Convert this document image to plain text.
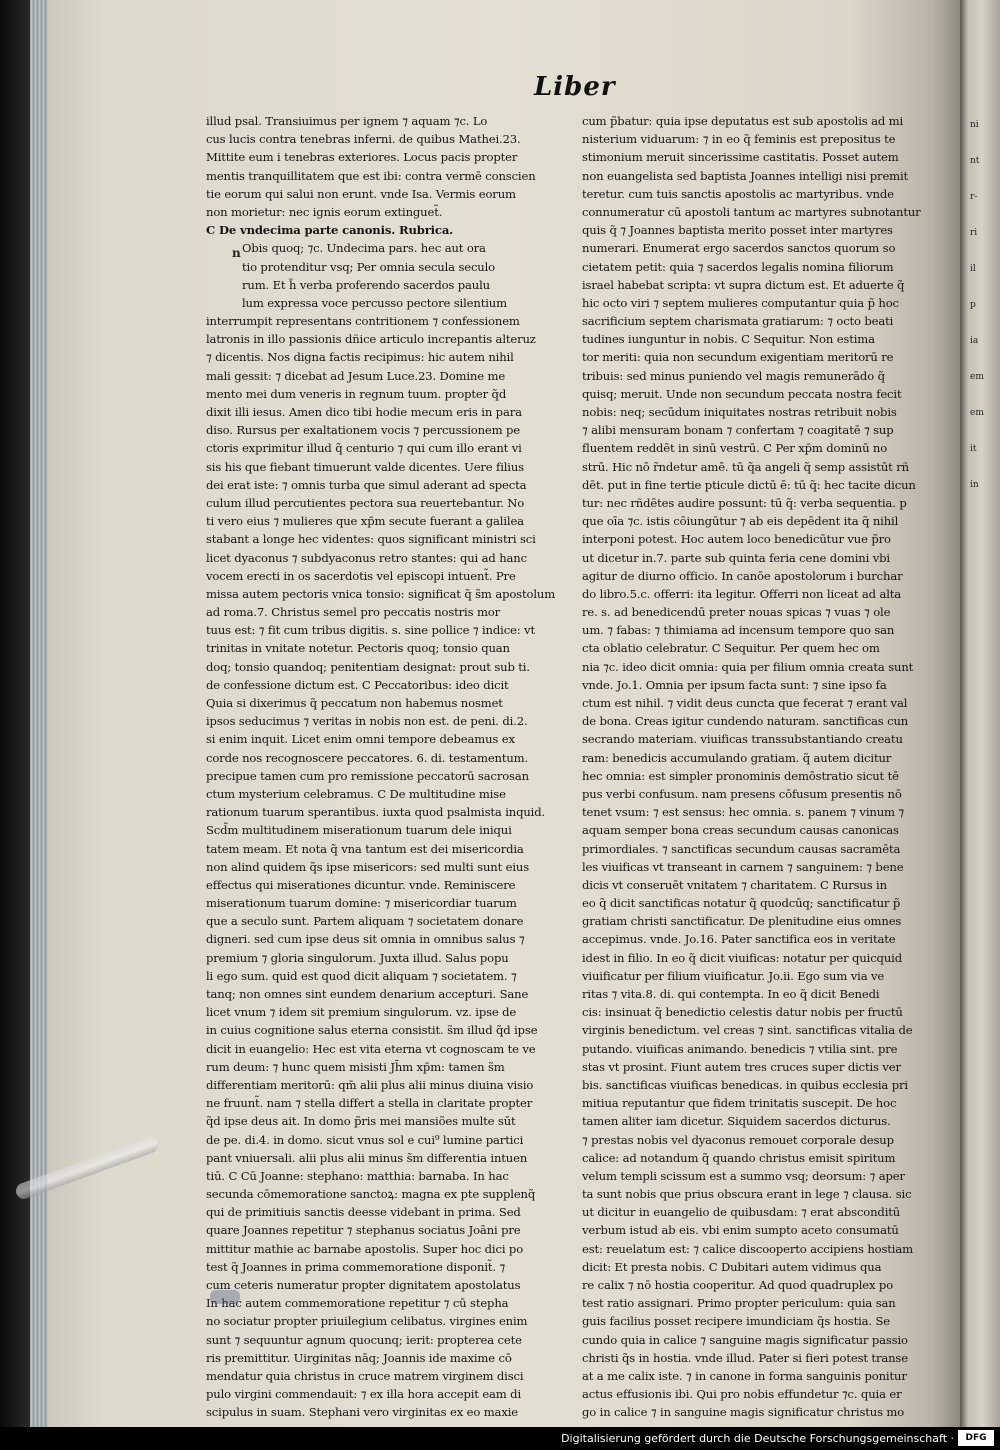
ni
nt
r-
ri
il
p
ia
em
em
it
in
Liber
n
illud psal. Transiuimus per ignem ⁊ aquam ⁊c. Lo
cus lucis contra tenebras inferni. de quibus Mathei.23.
Mittite eum i tenebras exteriores. Locus pacis propter
mentis tranquillitatem que est ibi: contra vermē conscien
tie eorum qui salui non erunt. vnde Isa. Vermis eorum
non morietur: nec ignis eorum extinguet̃.
C De vndecima parte canonis. Rubrica.
Obis quoq; ⁊c. Undecima pars. hec aut ora
tio protenditur vsq; Per omnia secula seculo
rum. Et h̃ verba proferendo sacerdos paulu
lum expressa voce percusso pectore silentium
interrumpit representans contritionem ⁊ confessionem
latronis in illo passionis dñice articulo increpantis alteruz
⁊ dicentis. Nos digna factis recipimus: hic autem nihil
mali gessit: ⁊ dicebat ad Jesum Luce.23. Domine me
mento mei dum veneris in regnum tuum. propter q̃d
dixit illi iesus. Amen dico tibi hodie mecum eris in para
diso. Rursus per exaltationem vocis ⁊ percussionem pe
ctoris exprimitur illud q̃ centurio ⁊ qui cum illo erant vi
sis his que fiebant timuerunt valde dicentes. Uere filius
dei erat iste: ⁊ omnis turba que simul aderant ad specta
culum illud percutientes pectora sua reuertebantur. No
ti vero eius ⁊ mulieres que xp̄m secute fuerant a galilea
stabant a longe hec videntes: quos significant ministri sci
licet dyaconus ⁊ subdyaconus retro stantes: qui ad hanc
vocem erecti in os sacerdotis vel episcopi intuent̃. Pre
missa autem pectoris vnica tonsio: significat q̃ s̃m apostolum
ad roma.7. Christus semel pro peccatis nostris mor
tuus est: ⁊ fit cum tribus digitis. s. sine pollice ⁊ indice: vt
trinitas in vnitate notetur. Pectoris quoq; tonsio quan
doq; tonsio quandoq; penitentiam designat: prout sub ti.
de confessione dictum est. C Peccatoribus: ideo dicit
Quia si dixerimus q̃ peccatum non habemus nosmet
ipsos seducimus ⁊ veritas in nobis non est. de peni. di.2.
si enim inquit. Licet enim omni tempore debeamus ex
corde nos recognoscere peccatores. 6. di. testamentum.
precipue tamen cum pro remissione peccatorū sacrosan
ctum mysterium celebramus. C De multitudine mise
rationum tuarum sperantibus. iuxta quod psalmista inquid.
Scd̃m multitudinem miserationum tuarum dele iniqui
tatem meam. Et nota q̃ vna tantum est dei misericordia
non alind quidem q̃s ipse misericors: sed multi sunt eius
effectus qui miserationes dicuntur. vnde. Reminiscere
miserationum tuarum domine: ⁊ misericordiar tuarum
que a seculo sunt. Partem aliquam ⁊ societatem donare
digneri. sed cum ipse deus sit omnia in omnibus salus ⁊
premium ⁊ gloria singulorum. Juxta illud. Salus popu
li ego sum. quid est quod dicit aliquam ⁊ societatem. ⁊
tanq; non omnes sint eundem denarium accepturi. Sane
licet vnum ⁊ idem sit premium singulorum. vz. ipse de
in cuius cognitione salus eterna consistit. s̃m illud q̃d ipse
dicit in euangelio: Hec est vita eterna vt cognoscam te ve
rum deum: ⁊ hunc quem misisti Jh̄m xp̄m: tamen s̃m
differentiam meritorū: qm̄ alii plus alii minus diuina visio
ne fruunt̃. nam ⁊ stella differt a stella in claritate propter
q̃d ipse deus ait. In domo p̃ris mei mansiões multe sūt
de pe. di.4. in domo. sicut vnus sol e cui⁹ lumine partici
pant vniuersali. alii plus alii minus s̃m differentia intuen
tiū. C Cū Joanne: stephano: matthia: barnaba. In hac
secunda cōmemoratione sanctoꝝ: magna ex pte supplenq̃
qui de primitiuis sanctis deesse videbant in prima. Sed
quare Joannes repetitur ⁊ stephanus sociatus Joāni pre
mittitur mathie ac barnabe apostolis. Super hoc dici po
test q̃ Joannes in prima commemoratione disponit̃. ⁊
cum ceteris numeratur propter dignitatem apostolatus
In hac autem commemoratione repetitur ⁊ cū stepha
no sociatur propter priuilegium celibatus. virgines enim
sunt ⁊ sequuntur agnum quocunq; ierit: propterea cete
ris premittitur. Uirginitas nāq; Joannis ide maxime cō
mendatur quia christus in cruce matrem virginem disci
pulo virgini commendauit: ⁊ ex illa hora accepit eam di
scipulus in suam. Stephani vero virginitas ex eo maxie
cum p̃batur: quia ipse deputatus est sub apostolis ad mi
nisterium viduarum: ⁊ in eo q̃ feminis est prepositus te
stimonium meruit sincerissime castitatis. Posset autem
non euangelista sed baptista Joannes intelligi nisi premit
teretur. cum tuis sanctis apostolis ac martyribus. vnde
connumeratur cū apostoli tantum ac martyres subnotantur
quis q̃ ⁊ Joannes baptista merito posset inter martyres
numerari. Enumerat ergo sacerdos sanctos quorum so
cietatem petit: quia ⁊ sacerdos legalis nomina filiorum
israel habebat scripta: vt supra dictum est. Et aduerte q̃
hic octo viri ⁊ septem mulieres computantur quia p̃ hoc
sacrificium septem charismata gratiarum: ⁊ octo beati
tudines iunguntur in nobis. C Sequitur. Non estima
tor meriti: quia non secundum exigentiam meritorū re
tribuis: sed minus puniendo vel magis remunerādo q̃
quisq; meruit. Unde non secundum peccata nostra fecit
nobis: neq; secūdum iniquitates nostras retribuit nobis
⁊ alibi mensuram bonam ⁊ confertam ⁊ coagitatē ⁊ sup
fluentem reddēt in sinū vestrū. C Per xp̄m dominū no
strū. Hic nō r̃ndetur amē. tū q̃a angeli q̃ semp assistūt rñ
dēt. put in fine tertie pticule dictū ē: tū q̃: hec tacite dicun
tur: nec rñdētes audire possunt: tū q̃: verba sequentia. p
que oīa ⁊c. istis cōiungūtur ⁊ ab eis depēdent ita q̃ nihil
interponi potest. Hoc autem loco benedicūtur vue p̃ro
ut dicetur in.7. parte sub quinta feria cene domini vbi
agitur de diurno officio. In canōe apostolorum i burchar
do libro.5.c. offerri: ita legitur. Offerri non liceat ad alta
re. s. ad benedicendū preter nouas spicas ⁊ vuas ⁊ ole
um. ⁊ fabas: ⁊ thimiama ad incensum tempore quo san
cta oblatio celebratur. C Sequitur. Per quem hec om
nia ⁊c. ideo dicit omnia: quia per filium omnia creata sunt
vnde. Jo.1. Omnia per ipsum facta sunt: ⁊ sine ipso fa
ctum est nihil. ⁊ vidit deus cuncta que fecerat ⁊ erant val
de bona. Creas igitur cundendo naturam. sanctificas cun
secrando materiam. viuificas transsubstantiando creatu
ram: benedicis accumulando gratiam. q̃ autem dicitur
hec omnia: est simpler pronominis demōstratio sicut tē
pus verbi confusum. nam presens cōfusum presentis nō
tenet vsum: ⁊ est sensus: hec omnia. s. panem ⁊ vinum ⁊
aquam semper bona creas secundum causas canonicas
primordiales. ⁊ sanctificas secundum causas sacramēta
les viuificas vt transeant in carnem ⁊ sanguinem: ⁊ bene
dicis vt conseruēt vnitatem ⁊ charitatem. C Rursus in
eo q̃ dicit sanctificas notatur q̃ quodcūq; sanctificatur p̃
gratiam christi sanctificatur. De plenitudine eius omnes
accepimus. vnde. Jo.16. Pater sanctifica eos in veritate
idest in filio. In eo q̃ dicit viuificas: notatur per quicquid
viuificatur per filium viuificatur. Jo.ii. Ego sum via ve
ritas ⁊ vita.8. di. qui contempta. In eo q̃ dicit Benedi
cis: insinuat q̃ benedictio celestis datur nobis per fructū
virginis benedictum. vel creas ⁊ sint. sanctificas vitalia de
putando. viuificas animando. benedicis ⁊ vtilia sint. pre
stas vt prosint. Fiunt autem tres cruces super dictis ver
bis. sanctificas viuificas benedicas. in quibus ecclesia pri
mitiua reputantur que fidem trinitatis suscepit. De hoc
tamen aliter iam dicetur. Siquidem sacerdos dicturus.
⁊ prestas nobis vel dyaconus remouet corporale desup
calice: ad notandum q̃ quando christus emisit spiritum
velum templi scissum est a summo vsq; deorsum: ⁊ aper
ta sunt nobis que prius obscura erant in lege ⁊ clausa. sic
ut dicitur in euangelio de quibusdam: ⁊ erat absconditū
verbum istud ab eis. vbi enim sumpto aceto consumatū
est: reuelatum est: ⁊ calice discooperto accipiens hostiam
dicit: Et presta nobis. C Dubitari autem vidimus qua
re calix ⁊ nō hostia cooperitur. Ad quod quadruplex po
test ratio assignari. Primo propter periculum: quia san
guis facilius posset recipere imundiciam q̃s hostia. Se
cundo quia in calice ⁊ sanguine magis significatur passio
christi q̃s in hostia. vnde illud. Pater si fieri potest transe
at a me calix iste. ⁊ in canone in forma sanguinis ponitur
actus effusionis ibi. Qui pro nobis effundetur ⁊c. quia er
go in calice ⁊ in sanguine magis significatur christus mo
Digitalisierung gefördert durch die Deutsche Forschungsgemeinschaft ·	DFG
